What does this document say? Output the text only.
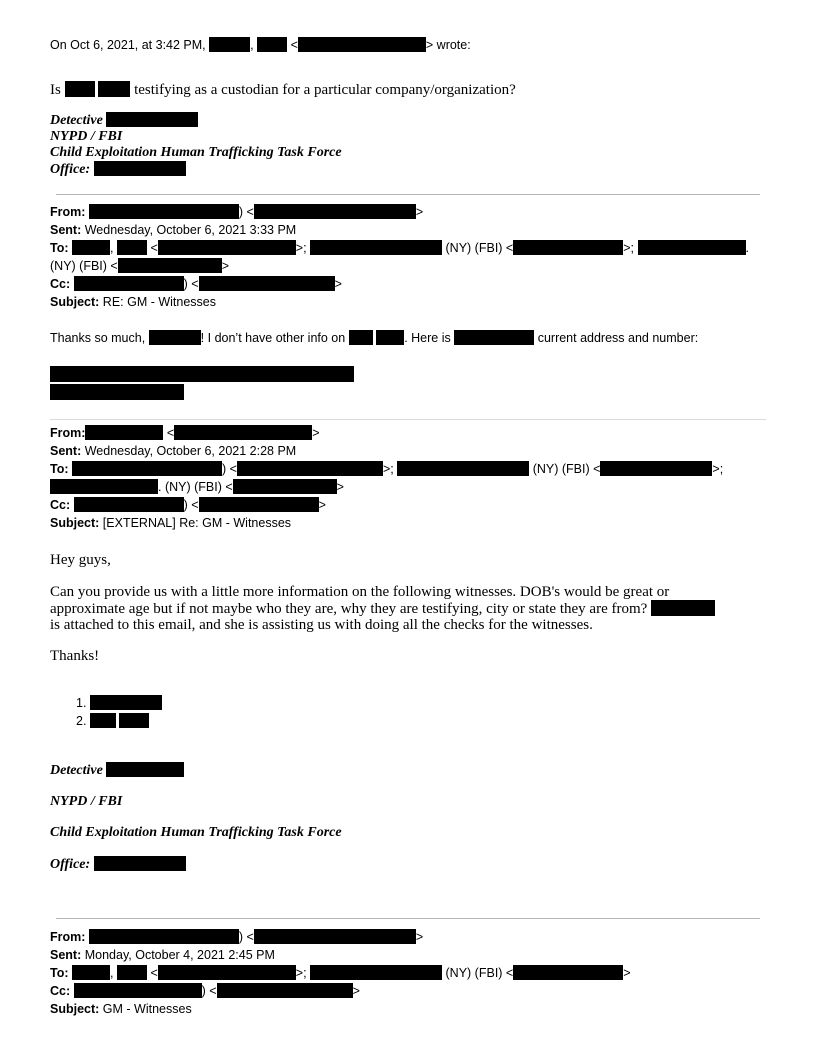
On Oct 6, 2021, at 3:42 PM,	,	<	> wrote:
Is	testifying as a custodian for a particular company/organization?
Detective
NYPD / FBI
Child Exploitation Human Trafficking Task Force
Office:
From:	) <	>
Sent: Wednesday, October 6, 2021 3:33 PM
To:	,	<	>;	(NY) (FBI) <	>;	.
(NY) (FBI) <	>
Cc:	) <	>
Subject: RE: GM - Witnesses
Thanks so much,	! I don’t have other info on	. Here is	current address and number:
From:	<	>
Sent: Wednesday, October 6, 2021 2:28 PM
To:	) <	>;	(NY) (FBI) <	>;
. (NY) (FBI) <	>
Cc:	) <	>
Subject: [EXTERNAL] Re: GM - Witnesses
Hey guys,
Can you provide us with a little more information on the following witnesses. DOB's would be great or
approximate age but if not maybe who they are, why they are testifying, city or state they are from?
is attached to this email, and she is assisting us with doing all the checks for the witnesses.
Thanks!
1.
2.
Detective
NYPD / FBI
Child Exploitation Human Trafficking Task Force
Office:
From:	) <	>
Sent: Monday, October 4, 2021 2:45 PM
To:	,	<	>;	(NY) (FBI) <	>
Cc:	) <	>
Subject: GM - Witnesses
